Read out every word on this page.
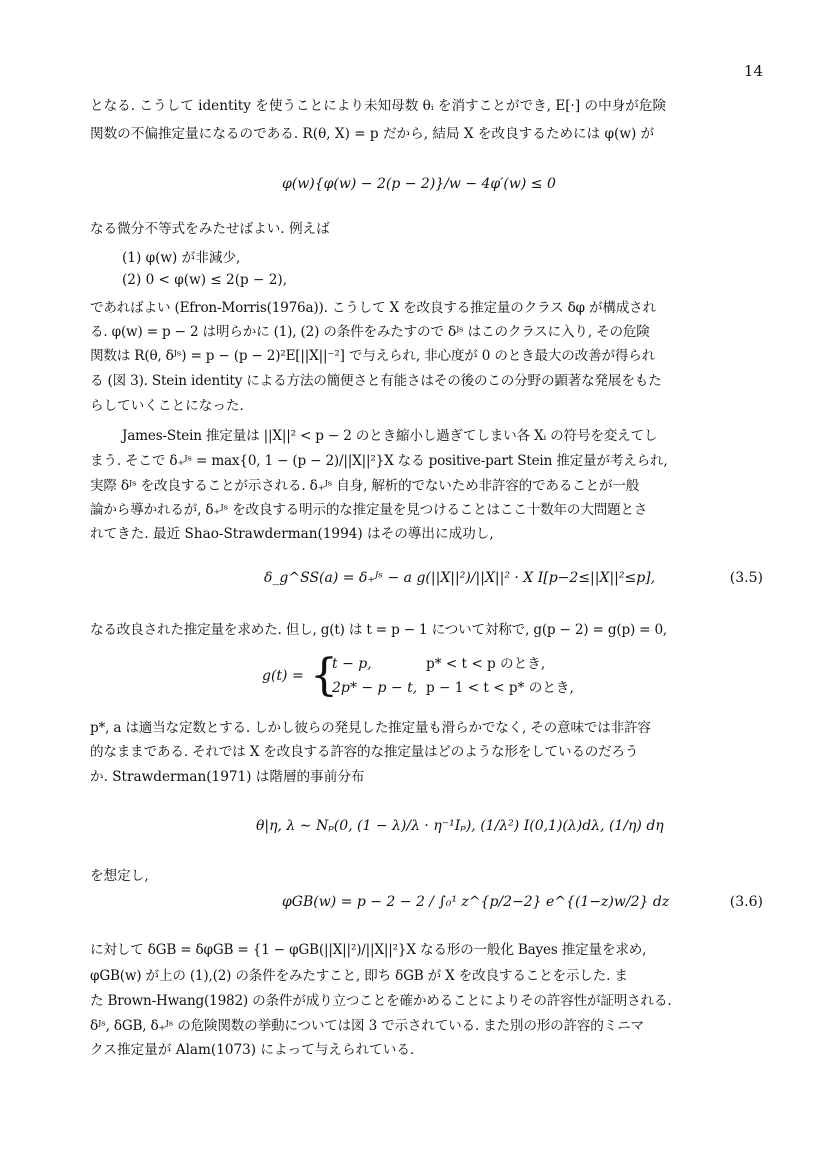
14
となる. こうして identity を使うことにより未知母数 θᵢ を消すことができ, E[·] の中身が危険
関数の不偏推定量になるのである. R(θ, X) = p だから, 結局 X を改良するためには φ(w) が
φ(w){φ(w) − 2(p − 2)}/w − 4φ′(w) ≤ 0
なる微分不等式をみたせばよい. 例えば
(1) φ(w) が非減少,
(2) 0 < φ(w) ≤ 2(p − 2),
であればよい (Efron-Morris(1976a)). こうして X を改良する推定量のクラス δφ が構成され
る. φ(w) = p − 2 は明らかに (1), (2) の条件をみたすので δᴶˢ はこのクラスに入り, その危険
関数は R(θ, δᴶˢ) = p − (p − 2)²E[||X||⁻²] で与えられ, 非心度が 0 のとき最大の改善が得られ
る (図 3). Stein identity による方法の簡便さと有能さはその後のこの分野の顕著な発展をもた
らしていくことになった.
James-Stein 推定量は ||X||² < p − 2 のとき縮小し過ぎてしまい各 Xᵢ の符号を変えてし
まう. そこで δ₊ᴶˢ = max{0, 1 − (p − 2)/||X||²}X なる positive-part Stein 推定量が考えられ,
実際 δᴶˢ を改良することが示される. δ₊ᴶˢ 自身, 解析的でないため非許容的であることが一般
論から導かれるが, δ₊ᴶˢ を改良する明示的な推定量を見つけることはここ十数年の大問題とさ
れてきた. 最近 Shao-Strawderman(1994) はその導出に成功し,
δ_g^SS(a) = δ₊ᴶˢ − a g(||X||²)/||X||² · X I[p−2≤||X||²≤p],	(3.5)
なる改良された推定量を求めた. 但し, g(t) は t = p − 1 について対称で, g(p − 2) = g(p) = 0,
g(t) = {
t − p,	p* < t < p のとき,
2p* − p − t, p − 1 < t < p* のとき,
p*, a は適当な定数とする. しかし彼らの発見した推定量も滑らかでなく, その意味では非許容
的なままである. それでは X を改良する許容的な推定量はどのような形をしているのだろう
か. Strawderman(1971) は階層的事前分布
θ|η, λ ∼ Nₚ(0, (1 − λ)/λ · η⁻¹Iₚ), (1/λ²) I(0,1)(λ)dλ, (1/η) dη
を想定し,
φGB(w) = p − 2 − 2 / ∫₀¹ z^{p/2−2} e^{(1−z)w/2} dz	(3.6)
に対して δGB = δφGB = {1 − φGB(||X||²)/||X||²}X なる形の一般化 Bayes 推定量を求め,
φGB(w) が上の (1),(2) の条件をみたすこと, 即ち δGB が X を改良することを示した. ま
た Brown-Hwang(1982) の条件が成り立つことを確かめることによりその許容性が証明される.
δᴶˢ, δGB, δ₊ᴶˢ の危険関数の挙動については図 3 で示されている. また別の形の許容的ミニマ
クス推定量が Alam(1073) によって与えられている.
